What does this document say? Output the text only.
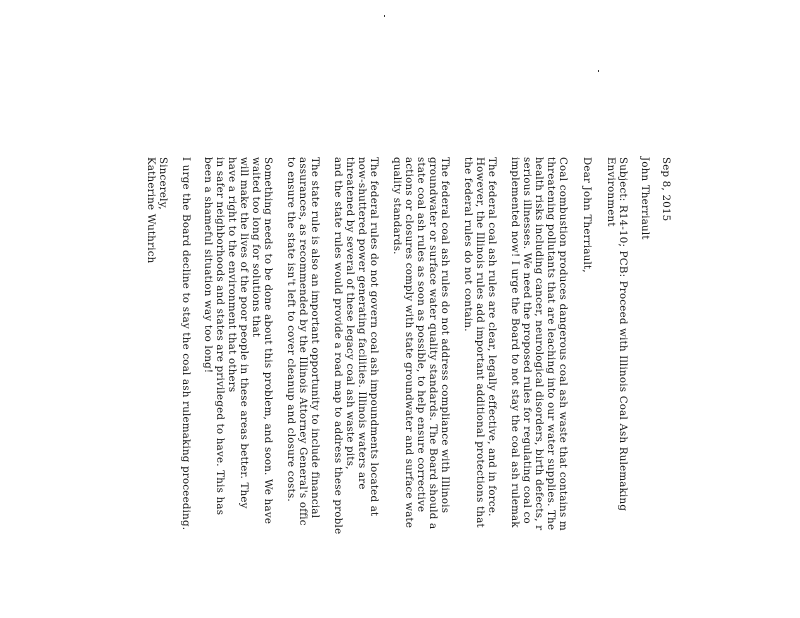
Sep 8, 2015
John Therriault
Subject: R14-10; PCB: Proceed with Illinois Coal Ash Rulemaking
Environment
Dear John Therriault,
Coal combustion produces dangerous coal ash waste that contains m
threatening pollutants that are leaching into our water supplies. The
health risks including cancer, neurological disorders, birth defects, r
serious illnesses. We need the proposed rules for regulating coal co
implemented now! I urge the Board to not stay the coal ash rulemak
The federal coal ash rules are clear, legally effective, and in force.
However, the Illinois rules add important additional protections that
the federal rules do not contain.
The federal coal ash rules do not address compliance with Illinois
groundwater or surface water quality standards. The Board should a
state coal ash rules as soon as possible, to help ensure corrective
actions or closures comply with state groundwater and surface wate
quality standards.
The federal rules do not govern coal ash impoundments located at
now-shuttered power generating facilities. Illinois waters are
threatened by several of these legacy coal ash waste pits,
and the state rules would provide a road map to address these proble
The state rule is also an important opportunity to include financial
assurances, as recommended by the Illinois Attorney General's offic
to ensure the state isn't left to cover cleanup and closure costs.
Something needs to be done about this problem, and soon. We have
waited too long for solutions that
will make the lives of the poor people in these areas better. They
have a right to the environment that others
in safer neighborhoods and states are privileged to have. This has
been a shameful situation way too long!
I urge the Board decline to stay the coal ash rulemaking proceeding.
Sincerely,
Katherine Wuthrich
